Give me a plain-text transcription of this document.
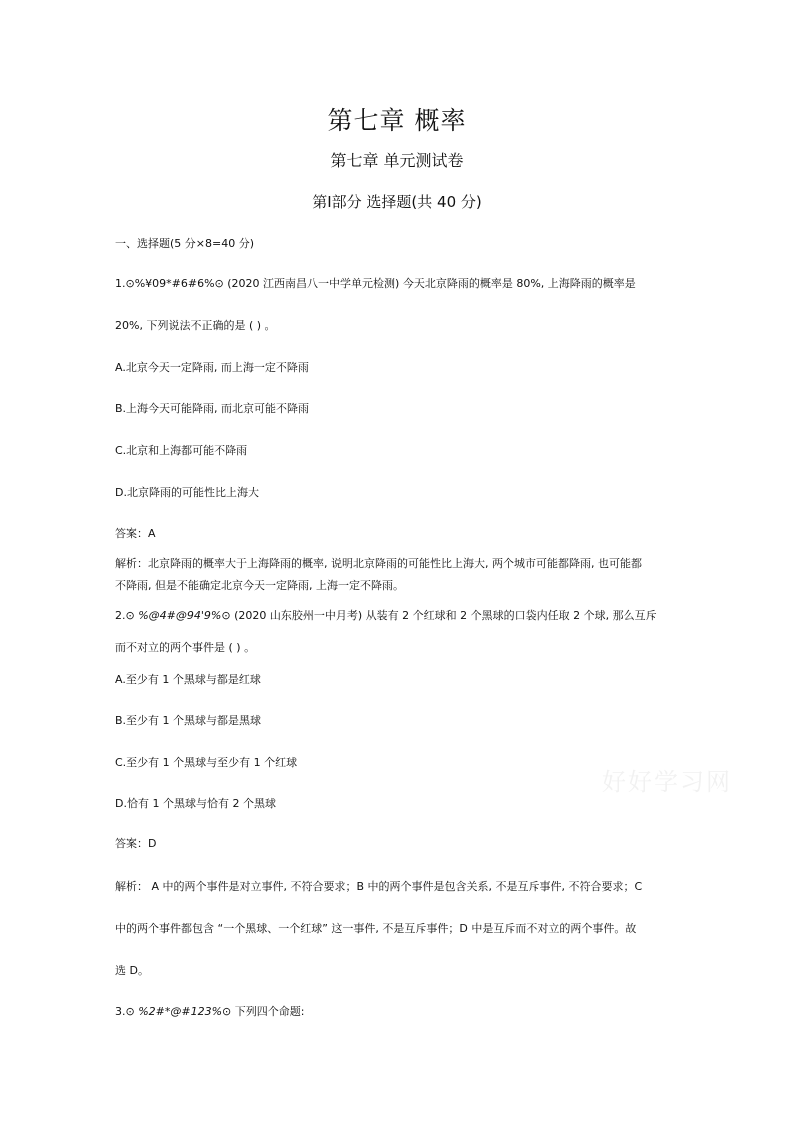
第七章 概率
第七章 单元测试卷
第Ⅰ部分 选择题(共 40 分)
一、选择题(5 分×8=40 分)
1.⊙%¥09*#6#6%⊙ (2020 江西南昌八一中学单元检测) 今天北京降雨的概率是 80%, 上海降雨的概率是
20%, 下列说法不正确的是 ( ) 。
A.北京今天一定降雨, 而上海一定不降雨
B.上海今天可能降雨, 而北京可能不降雨
C.北京和上海都可能不降雨
D.北京降雨的可能性比上海大
答案：A
解析：北京降雨的概率大于上海降雨的概率, 说明北京降雨的可能性比上海大, 两个城市可能都降雨, 也可能都
不降雨, 但是不能确定北京今天一定降雨, 上海一定不降雨。
2.⊙ %@4#@94'9%⊙ (2020 山东胶州一中月考) 从装有 2 个红球和 2 个黑球的口袋内任取 2 个球, 那么互斥
而不对立的两个事件是 ( ) 。
A.至少有 1 个黑球与都是红球
B.至少有 1 个黑球与都是黑球
C.至少有 1 个黑球与至少有 1 个红球
D.恰有 1 个黑球与恰有 2 个黑球
答案：D
解析： A 中的两个事件是对立事件, 不符合要求；B 中的两个事件是包含关系, 不是互斥事件, 不符合要求；C
中的两个事件都包含 “一个黑球、一个红球” 这一事件, 不是互斥事件；D 中是互斥而不对立的两个事件。故
选 D。
3.⊙ %2#*@#123%⊙ 下列四个命题:
好好学习网
